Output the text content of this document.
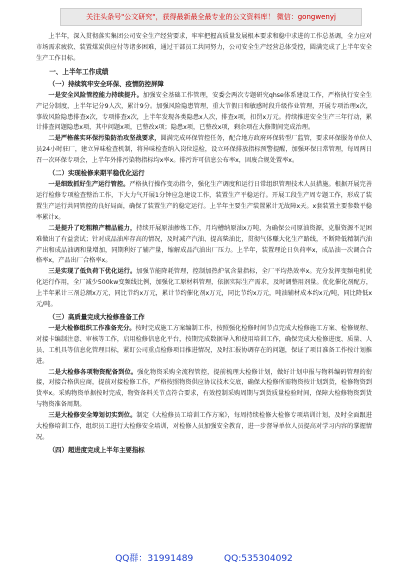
关注头条号"公文研究"，获得最新最全最专业的公文资料库！ 微信：gongwenyj

上半年，深入贯彻落实集团公司安全生产经营要求，牢牢把握高质量发展根本要求和稳中求进的工作总基调，全力应对市场需求疲软、装置煤炭供应付等诸多困难，通过干部员工共同努力，公司安全生产经营总体受控，圆满完成了上半年安全生产工作目标。

一、上半年工作成绩
（一）持续筑牢安全环保、疫情防控屏障

一是安全风险管控能力持续提升。加强安全基础工作管理，安委会两次专题研究qhse体系建设工作，严格执行安全生产记分制度，上半年记分9人次，累计9分。加强风险隐患管理，重大节假日和敏感时段升级作业管理，开展专项治理x次，事故风险隐患排查x次，专项排查x次，上半年发现各类隐患x人次，排查x项，扣罚x万元。持续推进安全生产三年行动，累计排查问题隐患x项，其中问题x项，已整改x项；隐患x项，已整改x项，剩余项在大修期间完成治理。

二是严格落实环保污染防治攻坚战要求，圆满完成环保管控任务，配合地方政府环保转型厂监管，要求环保服务单位人员24小时驻厂，建立异味检查机制，将异味检查纳入岗位巡检，设立环保排放指标预警提醒，加强环保日常管理，每周两日召一次环保专项会，上半年外排污染物指标均x率x。排污许可信息公布率x，固废合规处置率x。

（二）实现检修来期平稳优化运行

一是细致抓好生产运行管控。严格执行操作变动指令，强化生产调度和运行日常组织管理技术人员措施。根据开展完善运行检修专项检查整治工作，下大力气开展1分钟应急建设工作，装置生产平稳运行。开展工段生产周专题工作，形成了装置生产运行共同管控的良好局面，确保了装置生产的稳定运行。上半年主要生产装置累计无故障x天。x套装置主要参数平稳率累计x。

二是提升了吃粗粮产精品能力，持续开展原油掺炼工作，月均槽纳原油x万吨，为确保公司原油资源，克服资源不足困难做出了有益尝试；针对成品油库存高的情况，及时减产汽油、提高柴油比，贯彻气体赚大化生产路线，不断降低精制汽油产出和成品油调和量增加，同期利好了辅产量，缩解成品汽油出厂压力。上半年，装置理论日负荷率x，成品油一次调合合格率x，产品出厂合格率x。

三是实现了低负荷下优化运行。加强节能降耗管理，控制加热炉氧含量指标，全厂平均热效率x。充分发挥变频电机优化运行作用，全厂减少500kw变频线比例，加强化工原材料管理，依据实际生产需求，及时调整用剂量。优化催化剂配方，上半年累计三剂总额x万元，同比节约x万元，累计节约催化剂x万元，同比节约x万元，吨油辅材成本约x元/吨，同比降低x元/吨。

（三）高质量完成大检修准备工作

一是大检修组织工作准备充分。按时完成施工方案编制工作，按照强化检修时间节点完成大检修施工方案、检修规程、对接卡编制注意、审核等工作，启用检修信息化平台，按期完成数据导入和使用培训工作，确保完成大检修进度、质量、人员、工机具等信息化管理目标，紧盯公司重点检修项目推进情况，及时汇报协调存在的问题，保证了项目准备工作按计划推进。

二是大检修各项物资配备到位。强化物资采购全流程管控，提前梳理大检修计划，做好计划申报与物料编码管理的衔接，对接合格供应商，提前对接检修工作，严格按照物资供应协议技术交底，确保大检修所需物资按计划到货，检修物资到货率x。采购物资单据按时完成，物资备料关节点符合要求，有效控制采购周期与到货质量检验时间，保障大检修物资到货与物资准备周期。

三是大检修安全筹划切实到位。制定《大检修员工培训工作方案》，每周持续检修大检修专项培训计划，及时全面跟进大检修培训工作，组织员工进行大检修安全培训，对检修人员加强安全教育，进一步督导单位人员提高对学习内容的掌握情况。

（四）超进度完成上半年主要指标
QQ群：31991489	QQ:535304092
